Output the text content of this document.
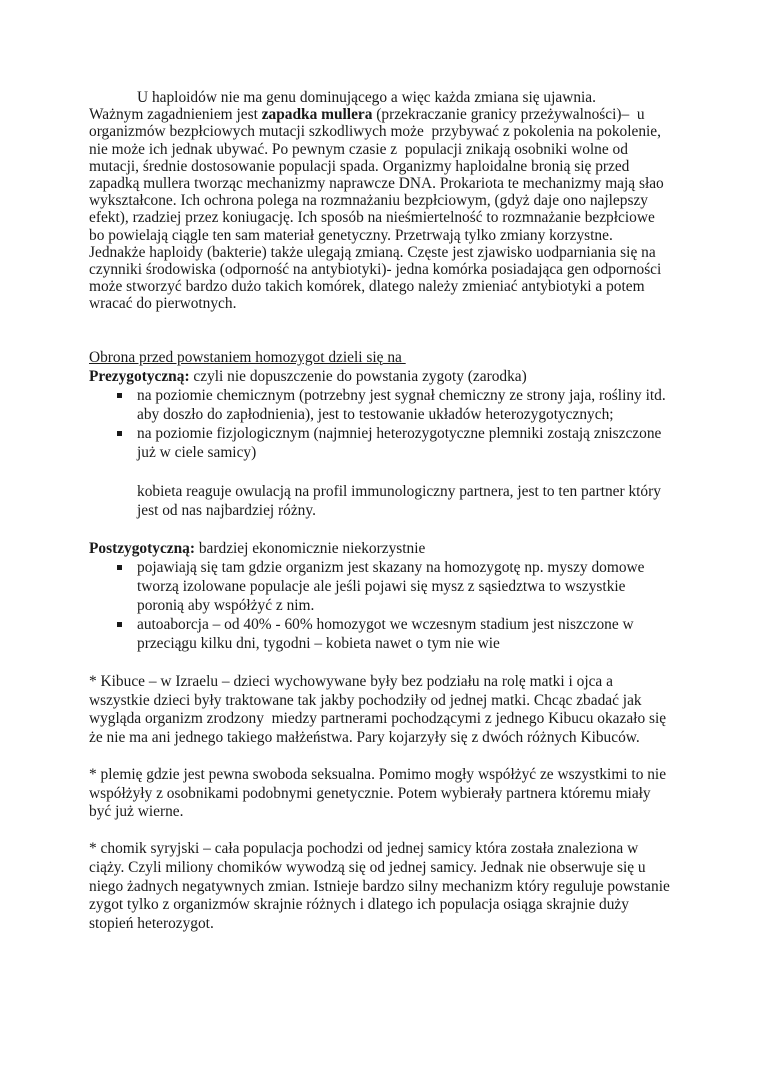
U haploidów nie ma genu dominującego a więc każda zmiana się ujawnia.
Ważnym zagadnieniem jest zapadka mullera (przekraczanie granicy przeżywalności)–  u
organizmów bezpłciowych mutacji szkodliwych może  przybywać z pokolenia na pokolenie,
nie może ich jednak ubywać. Po pewnym czasie z  populacji znikają osobniki wolne od
mutacji, średnie dostosowanie populacji spada. Organizmy haploidalne bronią się przed
zapadką mullera tworząc mechanizmy naprawcze DNA. Prokariota te mechanizmy mają słao
wykształcone. Ich ochrona polega na rozmnażaniu bezpłciowym, (gdyż daje ono najlepszy
efekt), rzadziej przez koniugację. Ich sposób na nieśmiertelność to rozmnażanie bezpłciowe
bo powielają ciągle ten sam materiał genetyczny. Przetrwają tylko zmiany korzystne.
Jednakże haploidy (bakterie) także ulegają zmianą. Częste jest zjawisko uodparniania się na
czynniki środowiska (odporność na antybiotyki)- jedna komórka posiadająca gen odporności
może stworzyć bardzo dużo takich komórek, dlatego należy zmieniać antybiotyki a potem
wracać do pierwotnych.
Obrona przed powstaniem homozygot dzieli się na
Prezygotyczną: czyli nie dopuszczenie do powstania zygoty (zarodka)
na poziomie chemicznym (potrzebny jest sygnał chemiczny ze strony jaja, rośliny itd.
aby doszło do zapłodnienia), jest to testowanie układów heterozygotycznych;
na poziomie fizjologicznym (najmniej heterozygotyczne plemniki zostają zniszczone
już w ciele samicy)
kobieta reaguje owulacją na profil immunologiczny partnera, jest to ten partner który
jest od nas najbardziej różny.
Postzygotyczną: bardziej ekonomicznie niekorzystnie
pojawiają się tam gdzie organizm jest skazany na homozygotę np. myszy domowe
tworzą izolowane populacje ale jeśli pojawi się mysz z sąsiedztwa to wszystkie
poronią aby współżyć z nim.
autoaborcja – od 40% - 60% homozygot we wczesnym stadium jest niszczone w
przeciągu kilku dni, tygodni – kobieta nawet o tym nie wie
* Kibuce – w Izraelu – dzieci wychowywane były bez podziału na rolę matki i ojca a
wszystkie dzieci były traktowane tak jakby pochodziły od jednej matki. Chcąc zbadać jak
wygląda organizm zrodzony  miedzy partnerami pochodzącymi z jednego Kibucu okazało się
że nie ma ani jednego takiego małżeństwa. Pary kojarzyły się z dwóch różnych Kibuców.
* plemię gdzie jest pewna swoboda seksualna. Pomimo mogły współżyć ze wszystkimi to nie
współżyły z osobnikami podobnymi genetycznie. Potem wybierały partnera któremu miały
być już wierne.
* chomik syryjski – cała populacja pochodzi od jednej samicy która została znaleziona w
ciąży. Czyli miliony chomików wywodzą się od jednej samicy. Jednak nie obserwuje się u
niego żadnych negatywnych zmian. Istnieje bardzo silny mechanizm który reguluje powstanie
zygot tylko z organizmów skrajnie różnych i dlatego ich populacja osiąga skrajnie duży
stopień heterozygot.
